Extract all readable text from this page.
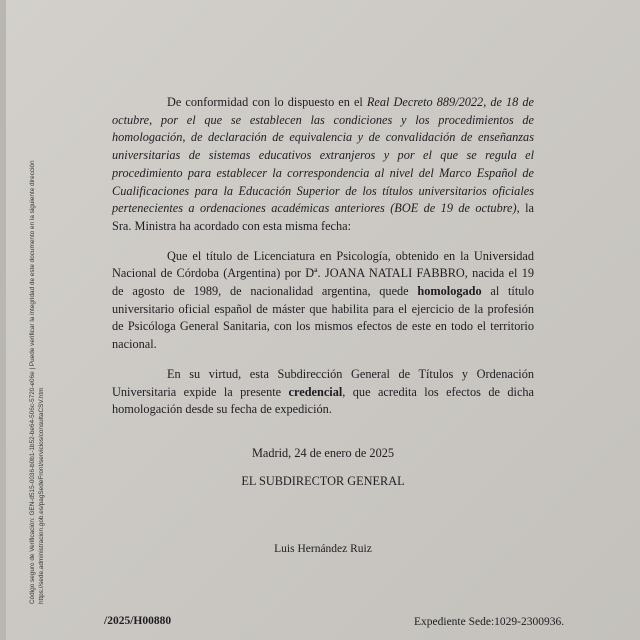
Código seguro de Verificación: GEN-d515-0036-b0b1-1b52-be64-506c-5720-e06e | Puede verificar la integridad de este documento en la siguiente dirección https://sede.administracion.gob.es/pagSedeFront/servicios/consultaCSV.htm
De conformidad con lo dispuesto en el Real Decreto 889/2022, de 18 de
octubre, por el que se establecen las condiciones y los procedimientos de
homologación, de declaración de equivalencia y de convalidación de enseñanzas
universitarias de sistemas educativos extranjeros y por el que se regula el
procedimiento para establecer la correspondencia al nivel del Marco Español de
Cualificaciones para la Educación Superior de los títulos universitarios oficiales
pertenecientes a ordenaciones académicas anteriores (BOE de 19 de octubre), la
Sra. Ministra ha acordado con esta misma fecha:
Que el título de Licenciatura en Psicología, obtenido en la Universidad
Nacional de Córdoba (Argentina) por Dª. JOANA NATALI FABBRO, nacida el 19
de agosto de 1989, de nacionalidad argentina, quede homologado al título
universitario oficial español de máster que habilita para el ejercicio de la profesión
de Psicóloga General Sanitaria, con los mismos efectos de este en todo el territorio
nacional.
En su virtud, esta Subdirección General de Títulos y Ordenación
Universitaria expide la presente credencial, que acredita los efectos de dicha
homologación desde su fecha de expedición.
Madrid, 24 de enero de 2025
EL SUBDIRECTOR GENERAL
Luis Hernández Ruiz
/2025/H00880	Expediente Sede:1029-2300936.
